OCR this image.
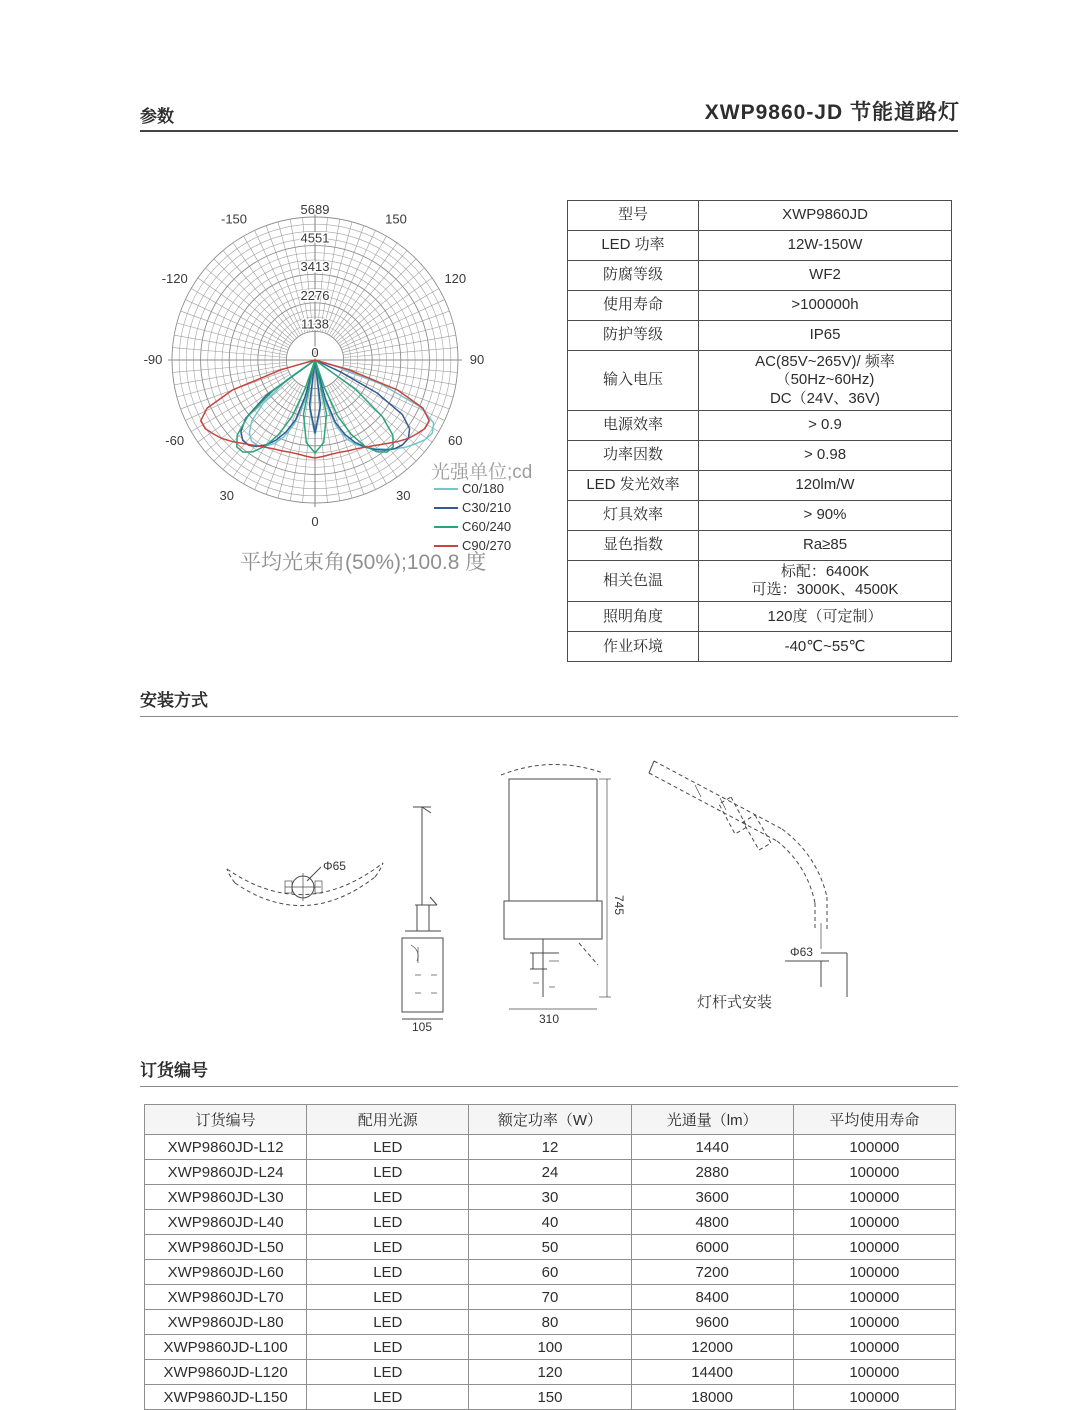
参数	XWP9860-JD 节能道路灯
0
1138
2276
3413
4551
5689
0
30
30
60
-60
90
-90
120
-120
150
-150
光强单位;cd
C0/180
C30/210
C60/240
C90/270
平均光束角(50%);100.8 度
型号	XWP9860JD
LED 功率	12W-150W
防腐等级	WF2
使用寿命	>100000h
防护等级	IP65
输入电压	AC(85V~265V)/ 频率
（50Hz~60Hz)
DC（24V、36V)
电源效率	> 0.9
功率因数	> 0.98
LED 发光效率	120lm/W
灯具效率	> 90%
显色指数	Ra≥85
相关色温	标配：6400K
可选：3000K、4500K
照明角度	120度（可定制）
作业环境	-40℃~55℃
安装方式
Φ65
105
745
310
Φ63
灯杆式安装
订货编号
订货编号	配用光源	额定功率（W）	光通量（lm）	平均使用寿命
XWP9860JD-L12	LED	12	1440	100000
XWP9860JD-L24	LED	24	2880	100000
XWP9860JD-L30	LED	30	3600	100000
XWP9860JD-L40	LED	40	4800	100000
XWP9860JD-L50	LED	50	6000	100000
XWP9860JD-L60	LED	60	7200	100000
XWP9860JD-L70	LED	70	8400	100000
XWP9860JD-L80	LED	80	9600	100000
XWP9860JD-L100	LED	100	12000	100000
XWP9860JD-L120	LED	120	14400	100000
XWP9860JD-L150	LED	150	18000	100000
